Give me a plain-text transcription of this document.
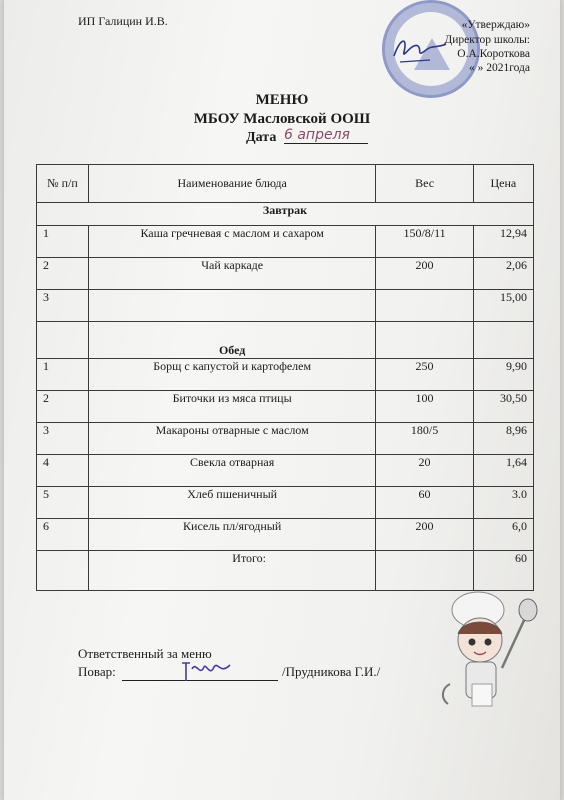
ИП Галицин И.В.	«Утверждаю»
Директор школы:
О.А.Короткова
« » 2021года
МЕНЮ
МБОУ Масловской ООШ
Дата 6 апреля
№ п/п	Наименование блюда	Вес	Цена
Завтрак			
1	Каша гречневая с маслом и сахаром	150/8/11	12,94
2	Чай каркаде	200	2,06
3			15,00
	Обед		
1	Борщ с капустой и картофелем	250	9,90
2	Биточки из мяса птицы	100	30,50
3	Макароны отварные с маслом	180/5	8,96
4	Свекла отварная	20	1,64
5	Хлеб пшеничный	60	3.0
6	Кисель пл/ягодный	200	6,0
	Итого:		60
Ответственный за меню
Повар:	/Прудникова Г.И./
